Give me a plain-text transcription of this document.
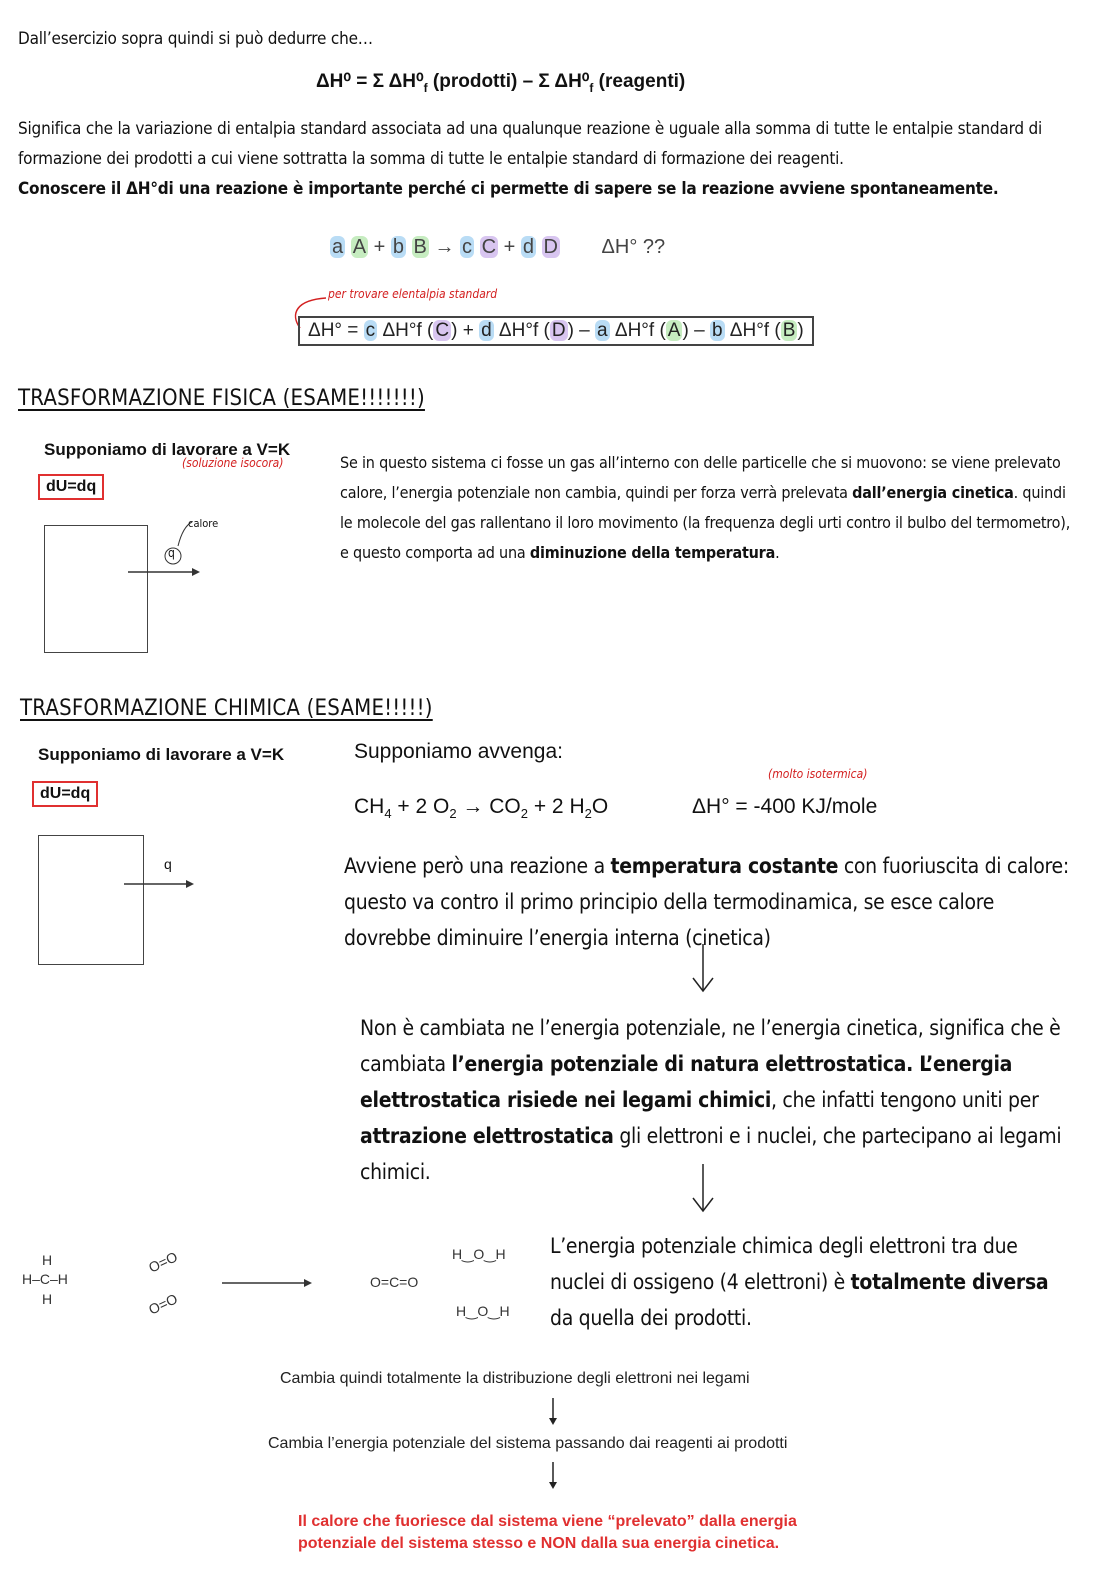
Dall’esercizio sopra quindi si può dedurre che…
ΔH⁰ = Σ $\Delta H^0_f$ (prodotti) – Σ $\Delta H^0_f$ (reagenti)
Significa che la variazione di entalpia standard associata ad una qualunque reazione è uguale alla somma di tutte le entalpie standard di formazione dei prodotti a cui viene sottratta la somma di tutte le entalpie standard di formazione dei reagenti.
Conoscere il ΔH°di una reazione è importante perché ci permette di sapere se la reazione avviene spontaneamente.
a A + b B → c C + d D ΔH° ??
per trovare elentalpia standard
ΔH° = c ΔH°f ( C ) + d ΔH°f ( D ) – a ΔH°f ( A ) – b ΔH°f ( B )
TRASFORMAZIONE FISICA (ESAME!!!!!!!)
Supponiamo di lavorare a V=K
(soluzione isocora)
dU=dq
q
calore
Se in questo sistema ci fosse un gas all’interno con delle particelle che si muovono: se viene prelevato calore, l’energia potenziale non cambia, quindi per forza verrà prelevata dall’energia cinetica. quindi le molecole del gas rallentano il loro movimento (la frequenza degli urti contro il bulbo del termometro), e questo comporta ad una diminuzione della temperatura.
TRASFORMAZIONE CHIMICA (ESAME!!!!!)
Supponiamo di lavorare a V=K
dU=dq
q
Supponiamo avvenga:
(molto isotermica)
$CH_4 + 2$ $O_2 \to CO_2 + 2$ $H_2O$	ΔH° = -400 KJ/mole
Avviene però una reazione a temperatura costante con fuoriuscita di calore: questo va contro il primo principio della termodinamica, se esce calore dovrebbe diminuire l’energia interna (cinetica)
Non è cambiata ne l’energia potenziale, ne l’energia cinetica, significa che è cambiata l’energia potenziale di natura elettrostatica. L’energia elettrostatica risiede nei legami chimici, che infatti tengono uniti per attrazione elettrostatica gli elettroni e i nuclei, che partecipano ai legami chimici.
H
H–C–H
H
O=O
O=O
O=C=O
H‿O‿H
H‿O‿H
L’energia potenziale chimica degli elettroni tra due nuclei di ossigeno (4 elettroni) è totalmente diversa da quella dei prodotti.
Cambia quindi totalmente la distribuzione degli elettroni nei legami
Cambia l’energia potenziale del sistema passando dai reagenti ai prodotti
Il calore che fuoriesce dal sistema viene “prelevato” dalla energia
potenziale del sistema stesso e NON dalla sua energia cinetica.
